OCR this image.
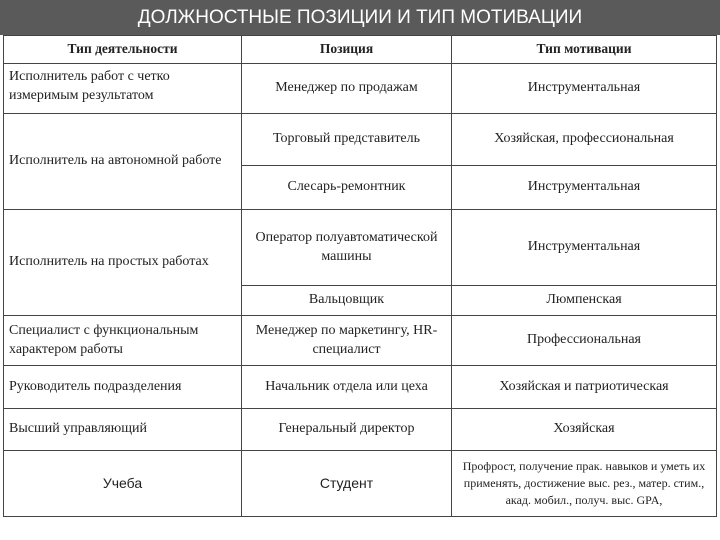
ДОЛЖНОСТНЫЕ ПОЗИЦИИ И ТИП МОТИВАЦИИ
Тип деятельности	Позиция	Тип мотивации
Исполнитель работ с четко измеримым результатом
Исполнитель на автономной работе
Исполнитель на простых работах
Специалист с функциональным характером работы
Руководитель подразделения
Высший управляющий
Учеба
Менеджер по продажам
Торговый представитель
Слесарь-ремонтник
Оператор полуавтоматической машины
Вальцовщик
Менеджер по маркетингу, HR-специалист
Начальник отдела или цеха
Генеральный директор
Студент
Инструментальная
Хозяйская, профессиональная
Инструментальная
Инструментальная
Люмпенская
Профессиональная
Хозяйская и патриотическая
Хозяйская
Профрост, получение прак. навыков и уметь их применять, достижение выс. рез., матер. стим., акад. мобил., получ. выс. GPA,
